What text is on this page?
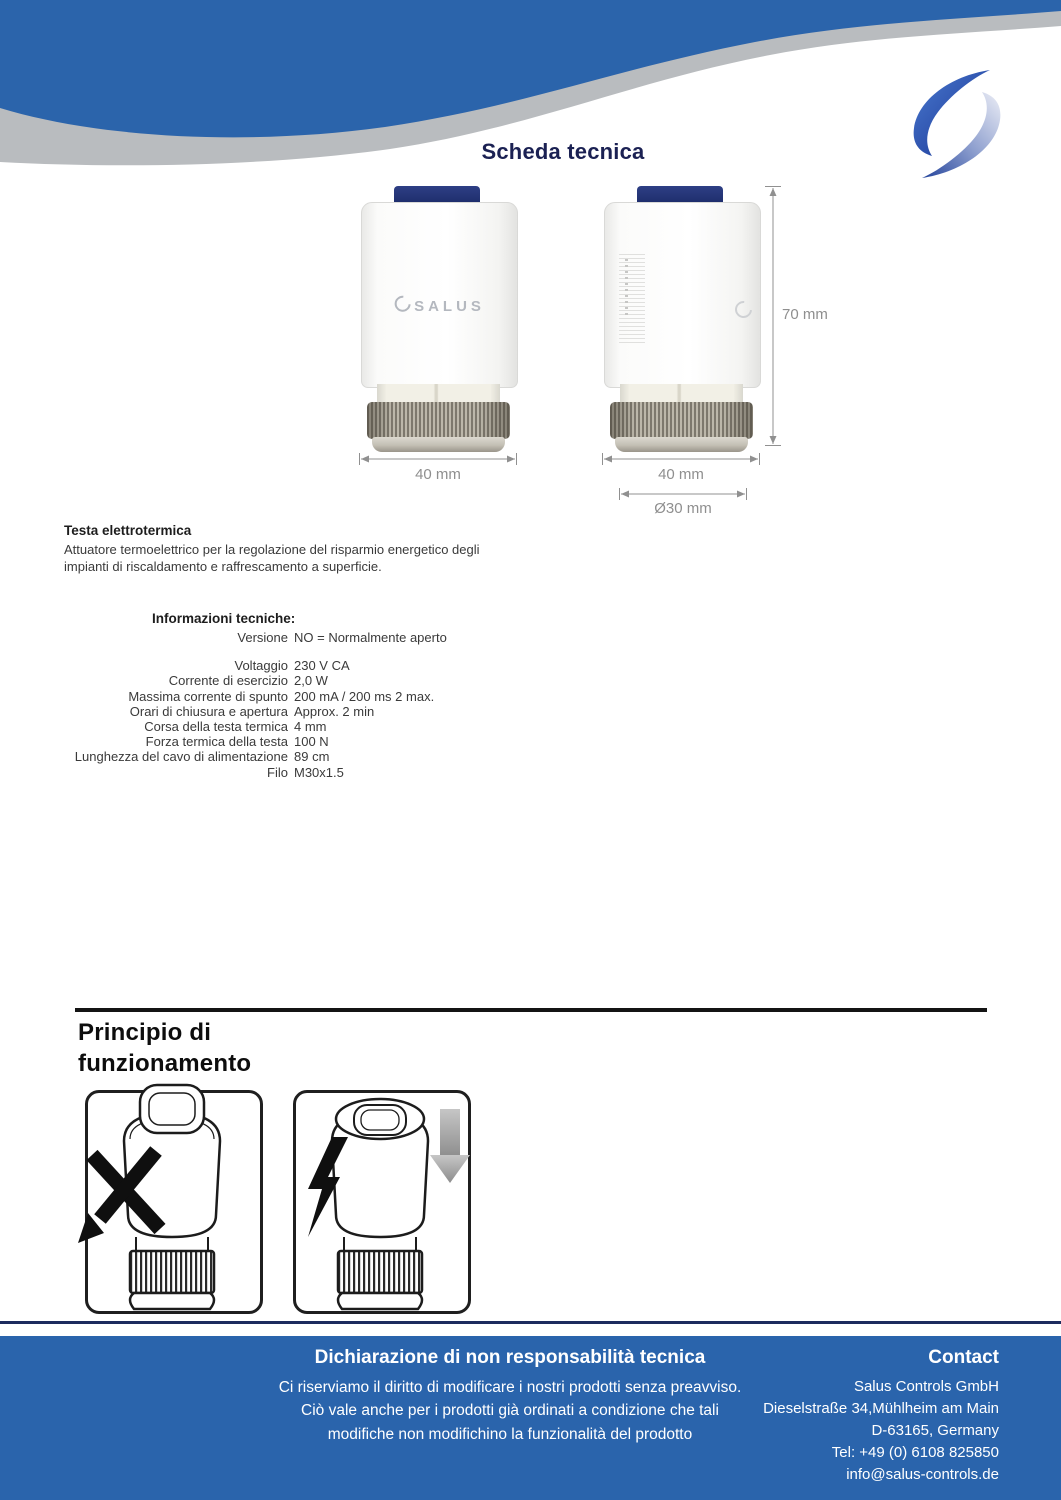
Scheda tecnica
SALUS	70 mm
40 mm	40 mm
Ø30 mm
Testa elettrotermica
Attuatore termoelettrico per la regolazione del risparmio energetico degli impianti di riscaldamento e raffrescamento a superficie.
Informazioni tecniche:
Versione NO = Normalmente aperto
Voltaggio 230 V CA
Corrente di esercizio 2,0 W
Massima corrente di spunto 200 mA / 200 ms 2 max.
Orari di chiusura e apertura Approx. 2 min
Corsa della testa termica 4 mm
Forza termica della testa 100 N
Lunghezza del cavo di alimentazione 89 cm
Filo M30x1.5
Principio di
funzionamento
Dichiarazione di non responsabilità tecnica
Ci riserviamo il diritto di modificare i nostri prodotti senza preavviso.
Ciò vale anche per i prodotti già ordinati a condizione che tali
modifiche non modifichino la funzionalità del prodotto
Contact
Salus Controls GmbH
Dieselstraße 34,Mühlheim am Main
D-63165, Germany
Tel: +49 (0) 6108 825850
info@salus-controls.de
